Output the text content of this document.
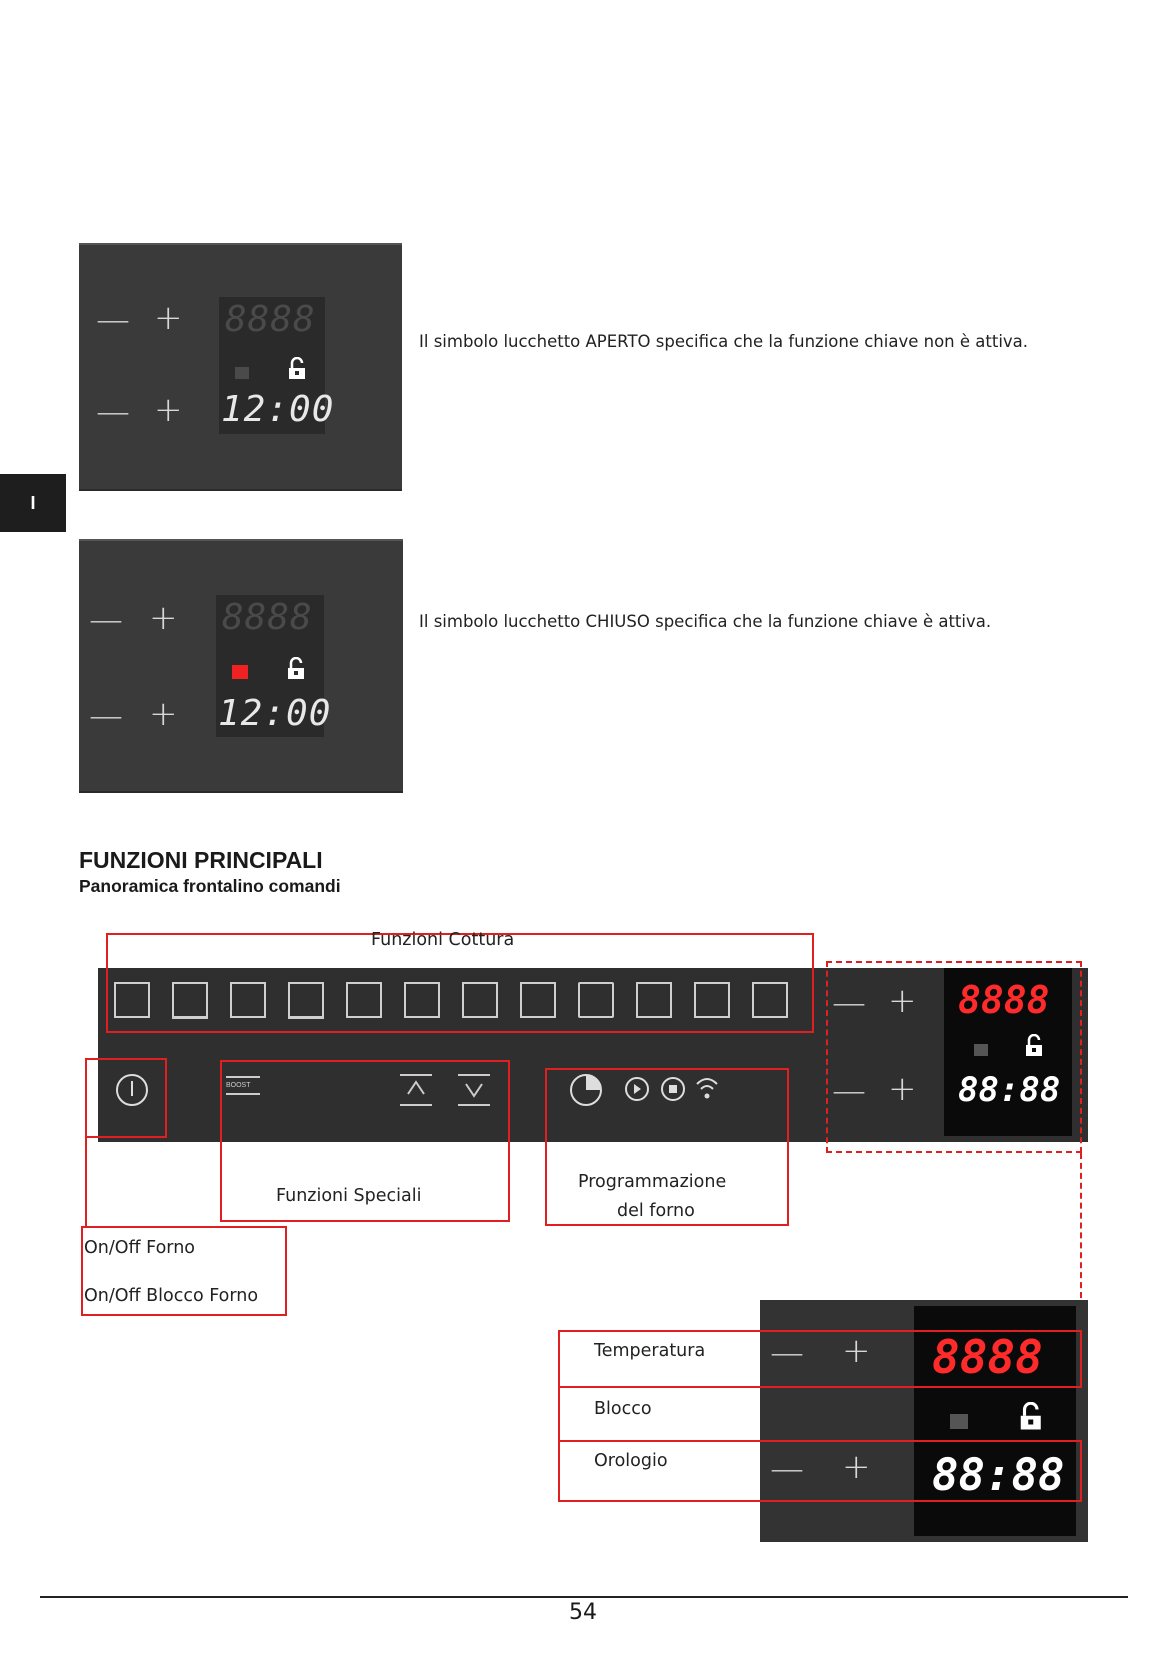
I
— +
— +
8888
12:00
Il simbolo lucchetto APERTO specifica che la funzione chiave non è attiva.
— +
— +
8888
12:00
Il simbolo lucchetto CHIUSO specifica che la funzione chiave è attiva.
FUNZIONI PRINCIPALI
Panoramica frontalino comandi
BOOST
— +
— +
8888
88:88
Funzioni Cottura
Funzioni Speciali
Programmazione
del forno
On/Off Forno
On/Off Blocco Forno
— +
— +
8888
88:88
Temperatura
Blocco
Orologio
54
